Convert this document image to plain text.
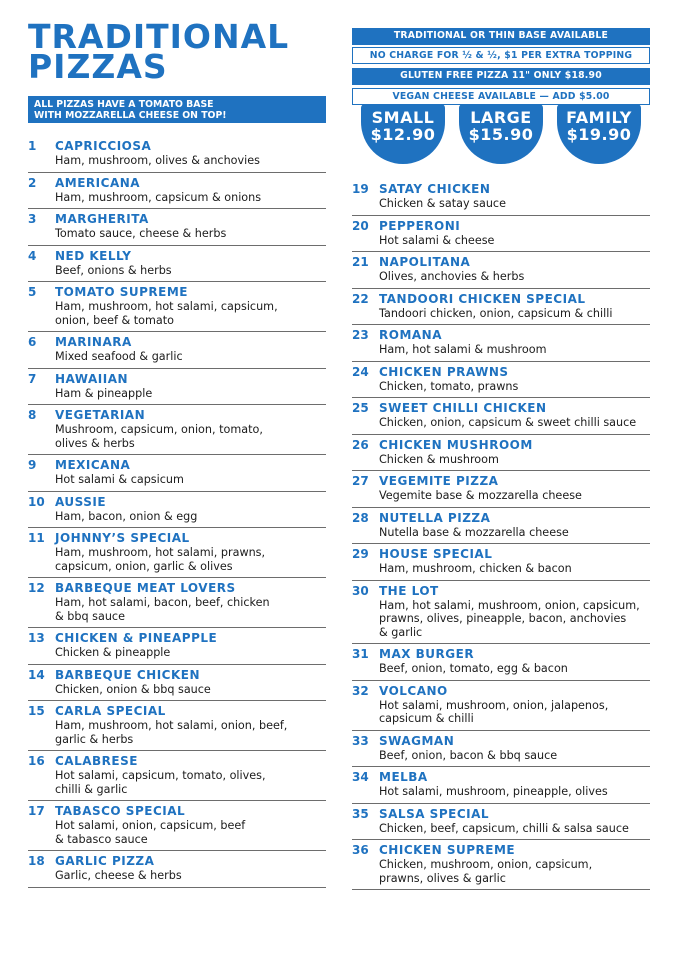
TRADITIONAL
PIZZAS
ALL PIZZAS HAVE A TOMATO BASE
WITH MOZZARELLA CHEESE ON TOP!
TRADITIONAL OR THIN BASE AVAILABLE
NO CHARGE FOR ½ & ½, $1 PER EXTRA TOPPING
GLUTEN FREE PIZZA 11" ONLY $18.90
VEGAN CHEESE AVAILABLE — ADD $5.00
SMALL
$12.90
LARGE
$15.90
FAMILY
$19.90
1	CAPRICCIOSA
Ham, mushroom, olives & anchovies
2	AMERICANA
Ham, mushroom, capsicum & onions
3	MARGHERITA
Tomato sauce, cheese & herbs
4	NED KELLY
Beef, onions & herbs
5	TOMATO SUPREME
Ham, mushroom, hot salami, capsicum,
onion, beef & tomato
6	MARINARA
Mixed seafood & garlic
7	HAWAIIAN
Ham & pineapple
8	VEGETARIAN
Mushroom, capsicum, onion, tomato,
olives & herbs
9	MEXICANA
Hot salami & capsicum
10 AUSSIE
Ham, bacon, onion & egg
11 JOHNNY’S SPECIAL
Ham, mushroom, hot salami, prawns,
capsicum, onion, garlic & olives
12 BARBEQUE MEAT LOVERS
Ham, hot salami, bacon, beef, chicken
& bbq sauce
13 CHICKEN & PINEAPPLE
Chicken & pineapple
14 BARBEQUE CHICKEN
Chicken, onion & bbq sauce
15 CARLA SPECIAL
Ham, mushroom, hot salami, onion, beef,
garlic & herbs
16 CALABRESE
Hot salami, capsicum, tomato, olives,
chilli & garlic
17 TABASCO SPECIAL
Hot salami, onion, capsicum, beef
& tabasco sauce
18 GARLIC PIZZA
Garlic, cheese & herbs
19 SATAY CHICKEN
Chicken & satay sauce
20 PEPPERONI
Hot salami & cheese
21 NAPOLITANA
Olives, anchovies & herbs
22 TANDOORI CHICKEN SPECIAL
Tandoori chicken, onion, capsicum & chilli
23 ROMANA
Ham, hot salami & mushroom
24 CHICKEN PRAWNS
Chicken, tomato, prawns
25 SWEET CHILLI CHICKEN
Chicken, onion, capsicum & sweet chilli sauce
26 CHICKEN MUSHROOM
Chicken & mushroom
27 VEGEMITE PIZZA
Vegemite base & mozzarella cheese
28 NUTELLA PIZZA
Nutella base & mozzarella cheese
29 HOUSE SPECIAL
Ham, mushroom, chicken & bacon
30 THE LOT
Ham, hot salami, mushroom, onion, capsicum,
prawns, olives, pineapple, bacon, anchovies
& garlic
31 MAX BURGER
Beef, onion, tomato, egg & bacon
32 VOLCANO
Hot salami, mushroom, onion, jalapenos,
capsicum & chilli
33 SWAGMAN
Beef, onion, bacon & bbq sauce
34 MELBA
Hot salami, mushroom, pineapple, olives
35 SALSA SPECIAL
Chicken, beef, capsicum, chilli & salsa sauce
36 CHICKEN SUPREME
Chicken, mushroom, onion, capsicum,
prawns, olives & garlic
